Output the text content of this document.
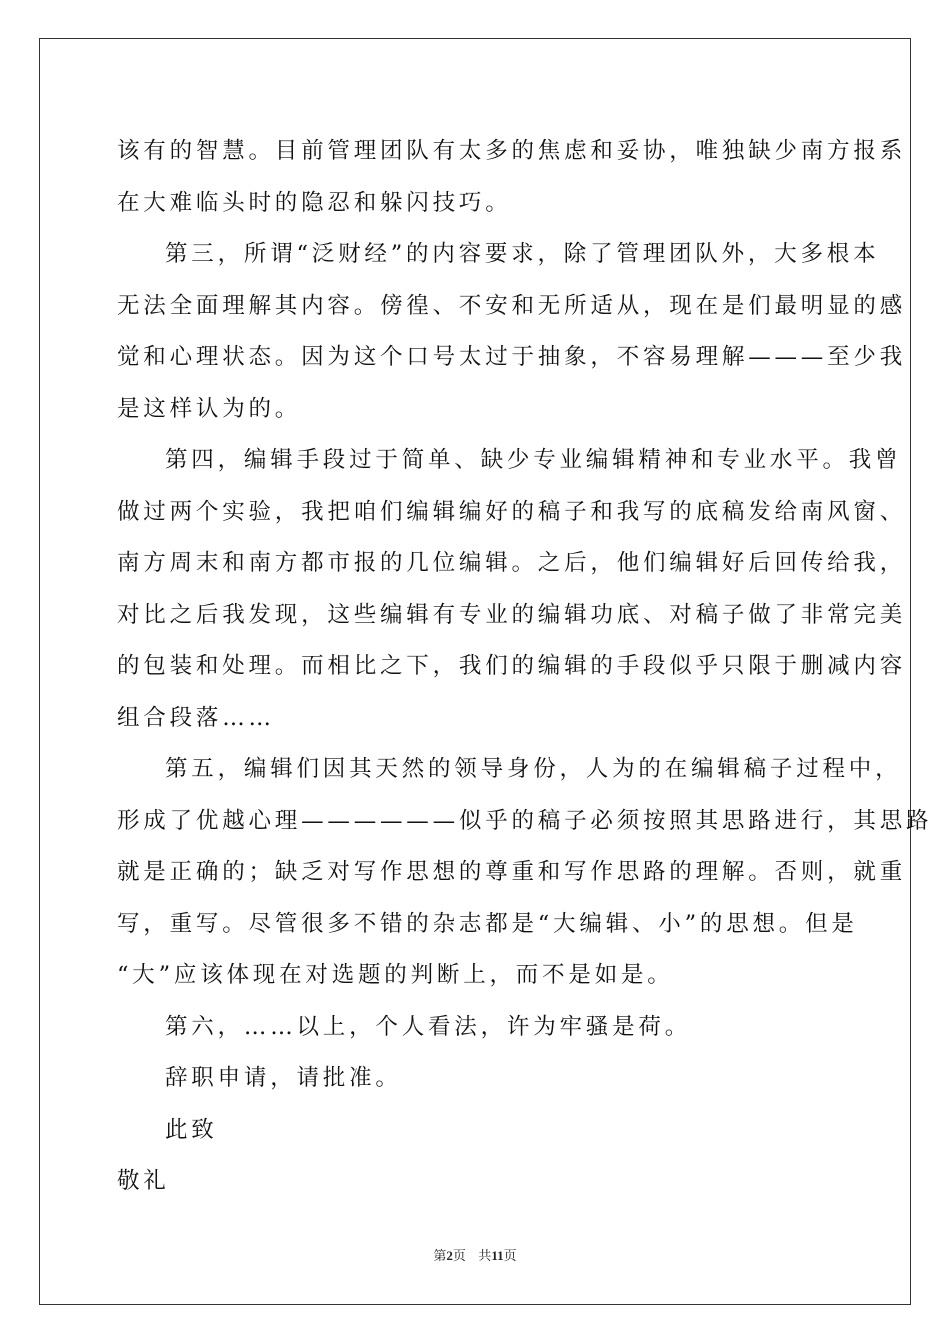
该有的智慧。目前管理团队有太多的焦虑和妥协，唯独缺少南方报系
在大难临头时的隐忍和躲闪技巧。
第三，所谓“泛财经”的内容要求，除了管理团队外，大多根本
无法全面理解其内容。傍徨、不安和无所适从，现在是们最明显的感
觉和心理状态。因为这个口号太过于抽象，不容易理解———至少我
是这样认为的。
第四，编辑手段过于简单、缺少专业编辑精神和专业水平。我曾
做过两个实验，我把咱们编辑编好的稿子和我写的底稿发给南风窗、
南方周末和南方都市报的几位编辑。之后，他们编辑好后回传给我，
对比之后我发现，这些编辑有专业的编辑功底、对稿子做了非常完美
的包装和处理。而相比之下，我们的编辑的手段似乎只限于删减内容
组合段落……
第五，编辑们因其天然的领导身份，人为的在编辑稿子过程中，
形成了优越心理——————似乎的稿子必须按照其思路进行，其思路
就是正确的；缺乏对写作思想的尊重和写作思路的理解。否则，就重
写，重写。尽管很多不错的杂志都是“大编辑、小”的思想。但是
“大”应该体现在对选题的判断上，而不是如是。
第六，……以上，个人看法，许为牢骚是荷。
辞职申请，请批准。
此致
敬礼
第2页 共11页
